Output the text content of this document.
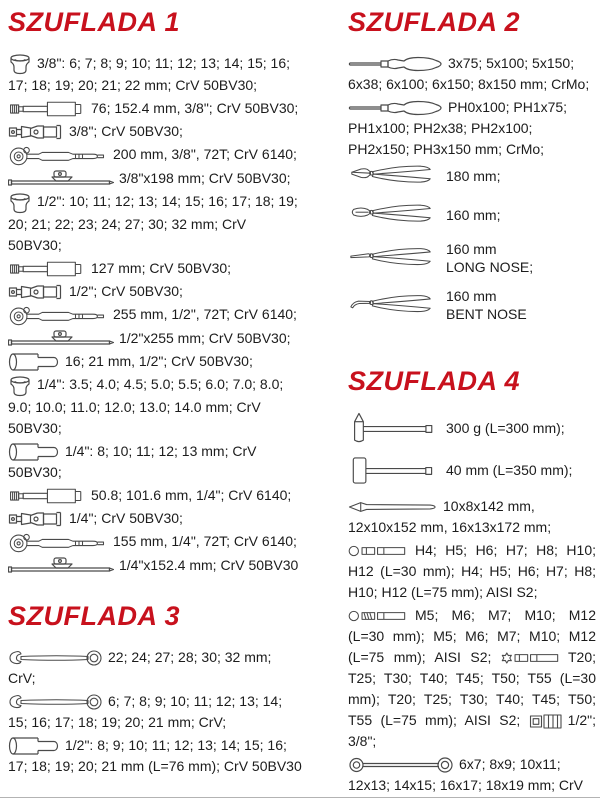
SZUFLADA 1

3/8": 6; 7; 8; 9; 10; 11; 12; 13; 14; 15; 16; 17; 18; 19; 20; 21; 22 mm; CrV 50BV30;

76; 152.4 mm, 3/8"; CrV 50BV30;

3/8"; CrV 50BV30;

200 mm, 3/8", 72T; CrV 6140;

3/8"x198 mm; CrV 50BV30;

1/2": 10; 11; 12; 13; 14; 15; 16; 17; 18; 19; 20; 21; 22; 23; 24; 27; 30; 32 mm; CrV 50BV30;

127 mm; CrV 50BV30;

1/2"; CrV 50BV30;

255 mm, 1/2", 72T; CrV 6140;

1/2"x255 mm; CrV 50BV30;

16; 21 mm, 1/2"; CrV 50BV30;

1/4": 3.5; 4.0; 4.5; 5.0; 5.5; 6.0; 7.0; 8.0; 9.0; 10.0; 11.0; 12.0; 13.0; 14.0 mm; CrV 50BV30;

1/4": 8; 10; 11; 12; 13 mm; CrV 50BV30;

50.8; 101.6 mm, 1/4"; CrV 6140;

1/4"; CrV 50BV30;

155 mm, 1/4", 72T; CrV 6140;

1/4"x152.4 mm; CrV 50BV30

SZUFLADA 3

22; 24; 27; 28; 30; 32 mm; CrV;

6; 7; 8; 9; 10; 11; 12; 13; 14; 15; 16; 17; 18; 19; 20; 21 mm; CrV;

1/2": 8; 9; 10; 11; 12; 13; 14; 15; 16; 17; 18; 19; 20; 21 mm (L=76 mm); CrV 50BV30

SZUFLADA 2

3x75; 5x100; 5x150; 6x38; 6x100; 6x150; 8x150 mm; CrMo;

PH0x100; PH1x75; PH1x100; PH2x38; PH2x100; PH2x150; PH3x150 mm; CrMo;

180 mm;
160 mm;
160 mm
LONG NOSE;
160 mm
BENT NOSE
SZUFLADA 4
300 g (L=300 mm);
40 mm (L=350 mm);

10x8x142 mm, 12x10x152 mm, 16x13x172 mm;

H4; H5; H6; H7; H8; H10; H12 (L=30 mm); H4; H5; H6; H7; H8; H10; H12 (L=75 mm); AISI S2;

M5; M6; M7; M10; M12 (L=30 mm); M5; M6; M7; M10; M12 (L=75 mm); AISI S2;	T20; T25; T30; T40; T45; T50; T55 (L=30 mm); T20; T25; T30; T40; T45; T50; T55 (L=75 mm); AISI S2;	1/2"; 3/8";

6x7; 8x9; 10x11; 12x13; 14x15; 16x17; 18x19 mm; CrV
